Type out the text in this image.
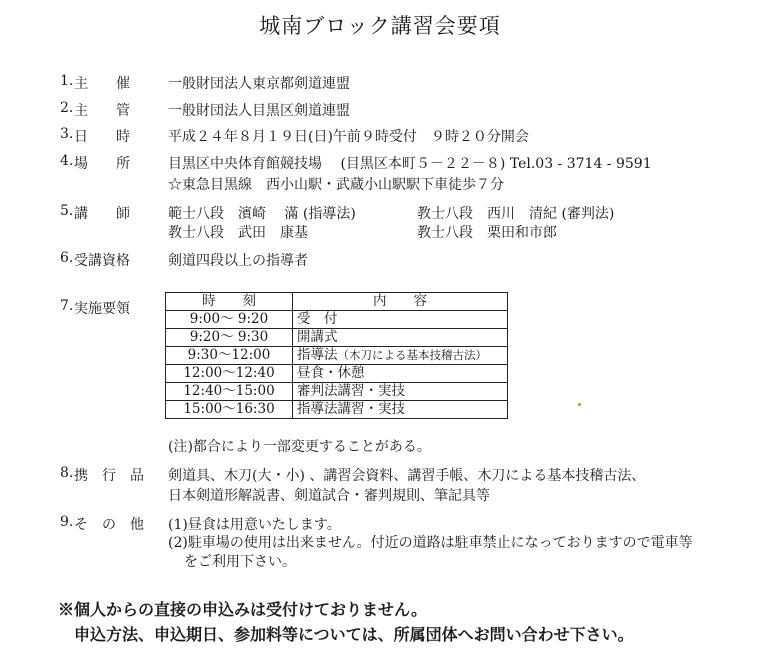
城南ブロック講習会要項
1. 主　　催	一般財団法人東京都剣道連盟
2. 主　　管	一般財団法人目黒区剣道連盟
3. 日　　時	平成２４年８月１９日(日)午前９時受付　９時２０分開会
4. 場　　所	目黒区中央体育館競技場　 (目黒区本町５－２２－８) Tel.03 - 3714 - 9591
☆東急目黒線　西小山駅・武蔵小山駅駅下車徒歩７分
5. 講　　師	範士八段　濱崎　 滿 (指導法)	教士八段　西川　清紀 (審判法)
教士八段　武田　康基	教士八段　栗田和市郎
6. 受講資格	剣道四段以上の指導者
7. 実施要領	時　　刻	内　　容
9:00～ 9:20	受　付
9:20～ 9:30	開講式
9:30～12:00	指導法（木刀による基本技稽古法）
12:00～12:40	昼食・休憩
12:40～15:00	審判法講習・実技
15:00～16:30	指導法講習・実技
(注)都合により一部変更することがある。
8. 携　行　品 剣道具、木刀(大・小) 、講習会資料、講習手帳、木刀による基本技稽古法、
日本剣道形解説書、剣道試合・審判規則、筆記具等
9. そ　の　他 (1)昼食は用意いたします。
(2)駐車場の使用は出来ません。付近の道路は駐車禁止になっておりますので電車等
をご利用下さい。
※個人からの直接の申込みは受付けておりません。
申込方法、申込期日、参加料等については、所属団体へお問い合わせ下さい。
